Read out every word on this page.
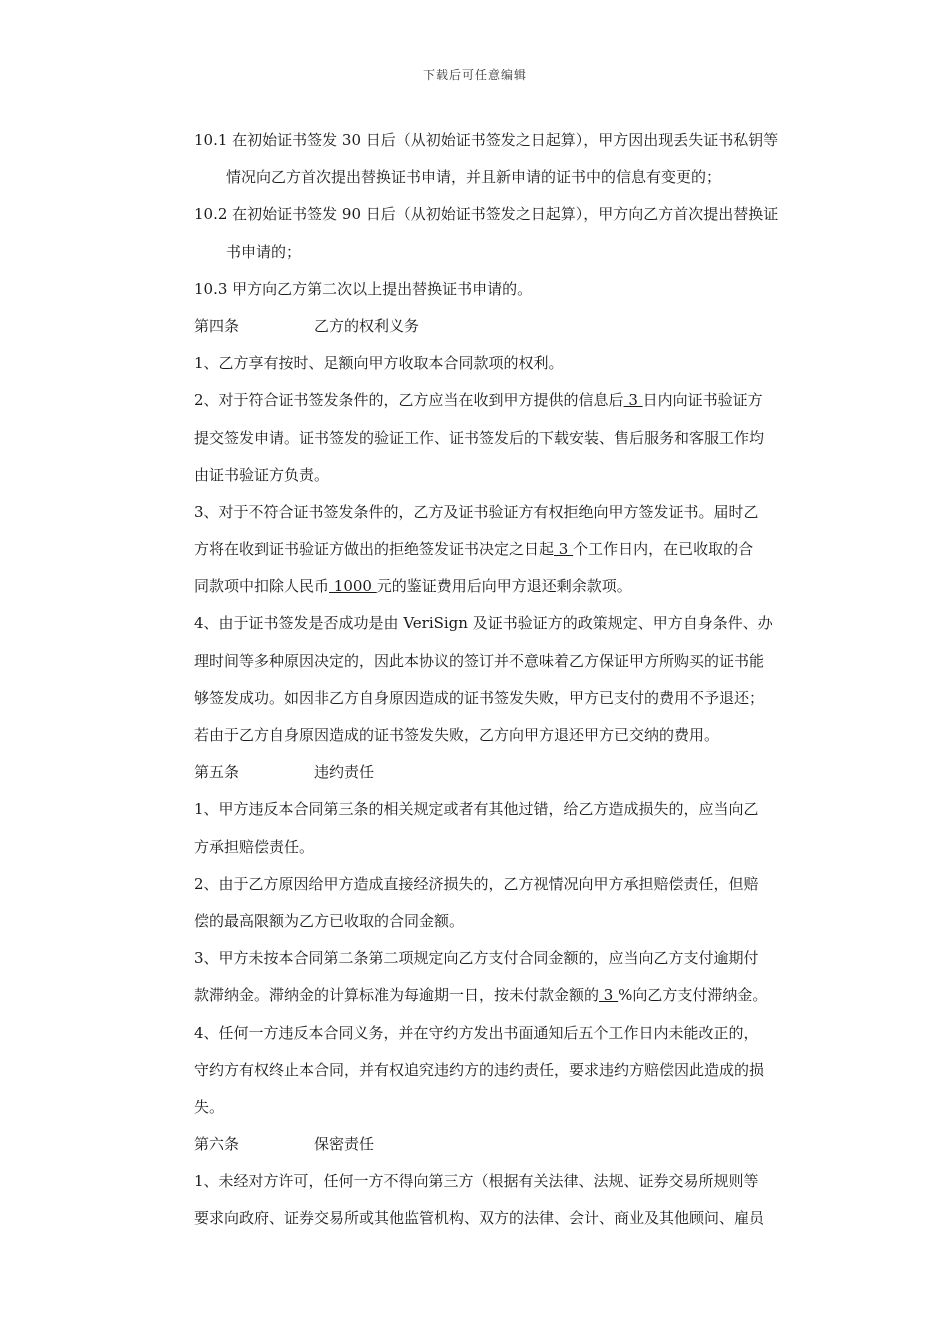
下载后可任意编辑
10.1 在初始证书签发 30 日后（从初始证书签发之日起算），甲方因出现丢失证书私钥等
情况向乙方首次提出替换证书申请，并且新申请的证书中的信息有变更的；
10.2 在初始证书签发 90 日后（从初始证书签发之日起算），甲方向乙方首次提出替换证
书申请的；
10.3 甲方向乙方第二次以上提出替换证书申请的。
第四条	乙方的权利义务
1、乙方享有按时、足额向甲方收取本合同款项的权利。
2、对于符合证书签发条件的，乙方应当在收到甲方提供的信息后 3 日内向证书验证方
提交签发申请。证书签发的验证工作、证书签发后的下载安装、售后服务和客服工作均
由证书验证方负责。
3、对于不符合证书签发条件的，乙方及证书验证方有权拒绝向甲方签发证书。届时乙
方将在收到证书验证方做出的拒绝签发证书决定之日起 3 个工作日内，在已收取的合
同款项中扣除人民币 1000 元的鉴证费用后向甲方退还剩余款项。
4、由于证书签发是否成功是由 VeriSign 及证书验证方的政策规定、甲方自身条件、办
理时间等多种原因决定的，因此本协议的签订并不意味着乙方保证甲方所购买的证书能
够签发成功。如因非乙方自身原因造成的证书签发失败，甲方已支付的费用不予退还；
若由于乙方自身原因造成的证书签发失败，乙方向甲方退还甲方已交纳的费用。
第五条	违约责任
1、甲方违反本合同第三条的相关规定或者有其他过错，给乙方造成损失的，应当向乙
方承担赔偿责任。
2、由于乙方原因给甲方造成直接经济损失的，乙方视情况向甲方承担赔偿责任，但赔
偿的最高限额为乙方已收取的合同金额。
3、甲方未按本合同第二条第二项规定向乙方支付合同金额的，应当向乙方支付逾期付
款滞纳金。滞纳金的计算标准为每逾期一日，按未付款金额的 3 %向乙方支付滞纳金。
4、任何一方违反本合同义务，并在守约方发出书面通知后五个工作日内未能改正的，
守约方有权终止本合同，并有权追究违约方的违约责任，要求违约方赔偿因此造成的损
失。
第六条	保密责任
1、未经对方许可，任何一方不得向第三方（根据有关法律、法规、证券交易所规则等
要求向政府、证券交易所或其他监管机构、双方的法律、会计、商业及其他顾问、雇员
